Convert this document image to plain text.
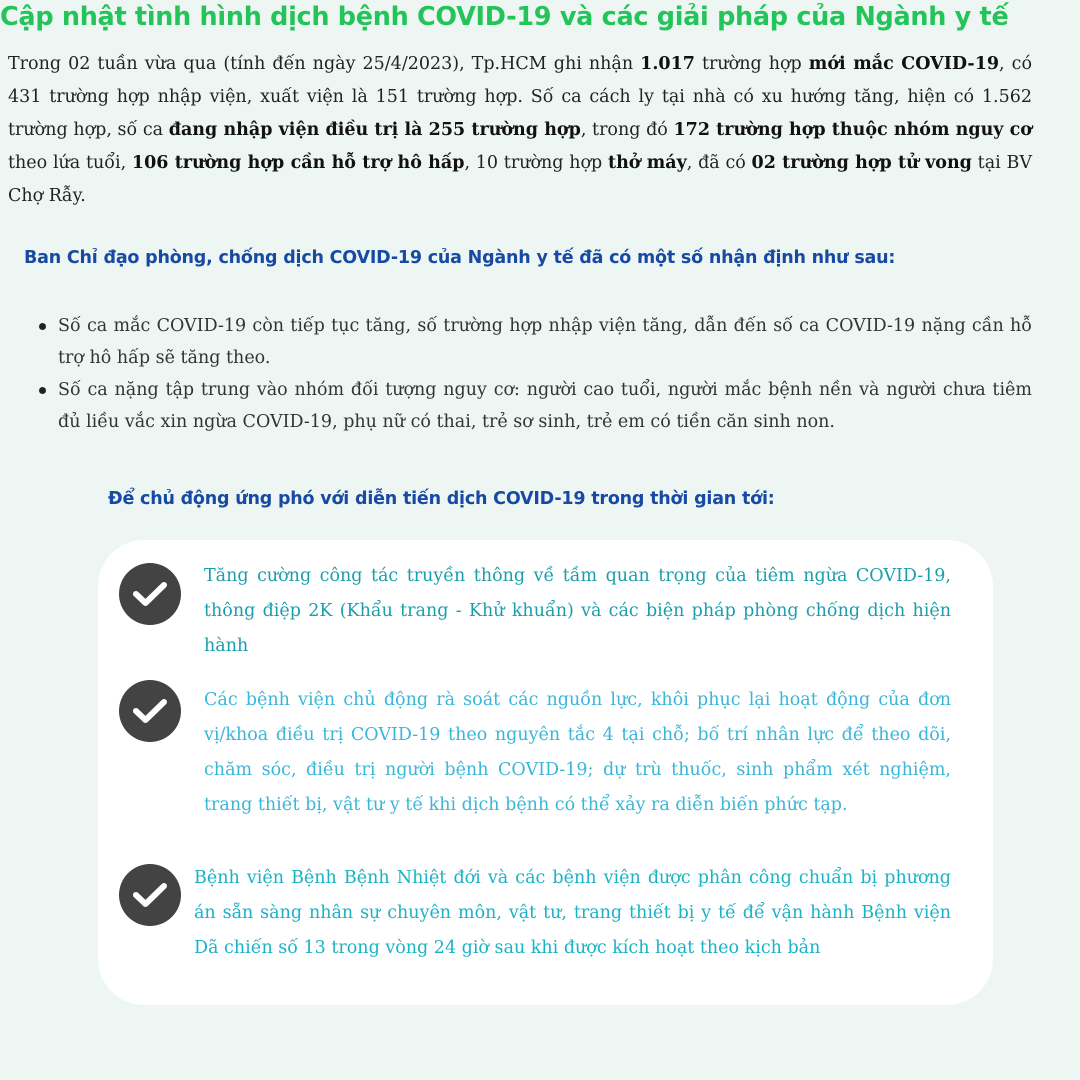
Cập nhật tình hình dịch bệnh COVID-19 và các giải pháp của Ngành y tế

Trong 02 tuần vừa qua (tính đến ngày 25/4/2023), Tp.HCM ghi nhận 1.017 trường hợp mới mắc COVID-19, có 431 trường hợp nhập viện, xuất viện là 151 trường hợp. Số ca cách ly tại nhà có xu hướng tăng, hiện có 1.562 trường hợp, số ca đang nhập viện điều trị là 255 trường hợp, trong đó 172 trường hợp thuộc nhóm nguy cơ theo lứa tuổi, 106 trường hợp cần hỗ trợ hô hấp, 10 trường hợp thở máy, đã có 02 trường hợp tử vong tại BV Chợ Rẫy.

Ban Chỉ đạo phòng, chống dịch COVID-19 của Ngành y tế đã có một số nhận định như sau:
Số ca mắc COVID-19 còn tiếp tục tăng, số trường hợp nhập viện tăng, dẫn đến số ca COVID-19 nặng cần hỗ trợ hô hấp sẽ tăng theo.
Số ca nặng tập trung vào nhóm đối tượng nguy cơ: người cao tuổi, người mắc bệnh nền và người chưa tiêm đủ liều vắc xin ngừa COVID-19, phụ nữ có thai, trẻ sơ sinh, trẻ em có tiền căn sinh non.
Để chủ động ứng phó với diễn tiến dịch COVID-19 trong thời gian tới:

Tăng cường công tác truyền thông về tầm quan trọng của tiêm ngừa COVID-19, thông điệp 2K (Khẩu trang - Khử khuẩn) và các biện pháp phòng chống dịch hiện hành

Các bệnh viện chủ động rà soát các nguồn lực, khôi phục lại hoạt động của đơn vị/khoa điều trị COVID-19 theo nguyên tắc 4 tại chỗ; bố trí nhân lực để theo dõi, chăm sóc, điều trị người bệnh COVID-19; dự trù thuốc, sinh phẩm xét nghiệm, trang thiết bị, vật tư y tế khi dịch bệnh có thể xảy ra diễn biến phức tạp.

Bệnh viện Bệnh Bệnh Nhiệt đới và các bệnh viện được phân công chuẩn bị phương án sẵn sàng nhân sự chuyên môn, vật tư, trang thiết bị y tế để vận hành Bệnh viện Dã chiến số 13 trong vòng 24 giờ sau khi được kích hoạt theo kịch bản
